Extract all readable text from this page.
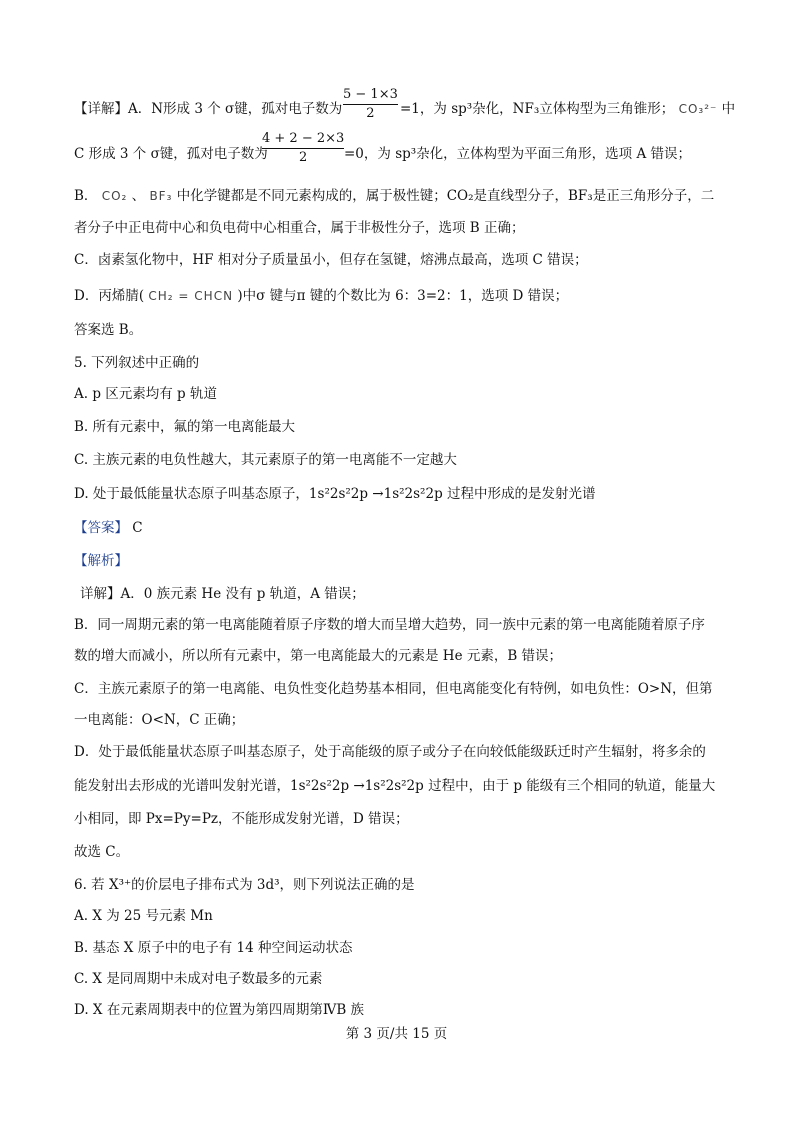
【详解】A．N形成 3 个 σ键，孤对电子数为
5 − 1×3
2	=1，为 sp³杂化，NF₃立体构型为三角锥形； CO₃²⁻ 中
C 形成 3 个 σ键，孤对电子数为
4 + 2 − 2×3
2	=0，为 sp³杂化，立体构型为平面三角形，选项 A 错误；
B． CO₂ 、 BF₃ 中化学键都是不同元素构成的，属于极性键；CO₂是直线型分子，BF₃是正三角形分子，二
者分子中正电荷中心和负电荷中心相重合，属于非极性分子，选项 B 正确；
C．卤素氢化物中，HF 相对分子质量虽小，但存在氢键，熔沸点最高，选项 C 错误；
D．丙烯腈( CH₂ = CHCN )中σ 键与π 键的个数比为 6：3=2：1，选项 D 错误；
答案选 B。
5. 下列叙述中正确的
A. p 区元素均有 p 轨道
B. 所有元素中，氟的第一电离能最大
C. 主族元素的电负性越大，其元素原子的第一电离能不一定越大
D. 处于最低能量状态原子叫基态原子，1s²2s²2p →1s²2s²2p 过程中形成的是发射光谱
【答案】 C
【解析】
详解】A．0 族元素 He 没有 p 轨道，A 错误；
B．同一周期元素的第一电离能随着原子序数的增大而呈增大趋势，同一族中元素的第一电离能随着原子序
数的增大而减小，所以所有元素中，第一电离能最大的元素是 He 元素，B 错误；
C．主族元素原子的第一电离能、电负性变化趋势基本相同，但电离能变化有特例，如电负性：O>N，但第
一电离能：O<N，C 正确；
D．处于最低能量状态原子叫基态原子，处于高能级的原子或分子在向较低能级跃迁时产生辐射，将多余的
能发射出去形成的光谱叫发射光谱，1s²2s²2p →1s²2s²2p 过程中，由于 p 能级有三个相同的轨道，能量大
小相同，即 Px=Py=Pz，不能形成发射光谱，D 错误；
故选 C。
6. 若 X³⁺的价层电子排布式为 3d³，则下列说法正确的是
A. X 为 25 号元素 Mn
B. 基态 X 原子中的电子有 14 种空间运动状态
C. X 是同周期中未成对电子数最多的元素
D. X 在元素周期表中的位置为第四周期第ⅣB 族
第 3 页/共 15 页
